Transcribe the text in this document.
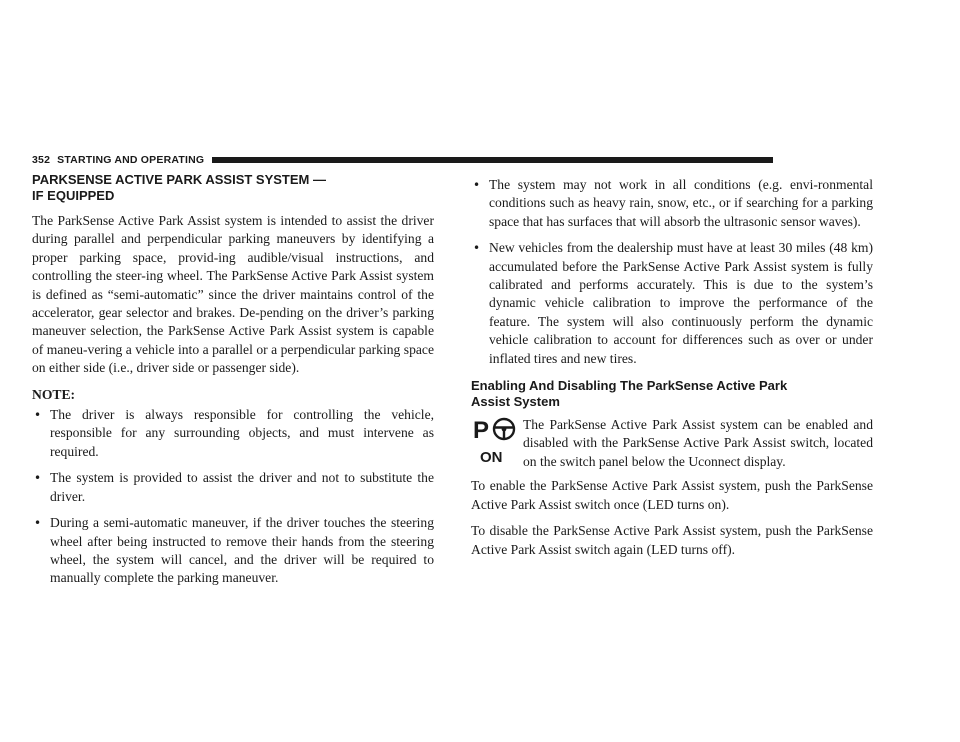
352 STARTING AND OPERATING
PARKSENSE ACTIVE PARK ASSIST SYSTEM —
IF EQUIPPED

The ParkSense Active Park Assist system is intended to assist the driver during parallel and perpendicular parking maneuvers by identifying a proper parking space, provid-ing audible/visual instructions, and controlling the steer-ing wheel. The ParkSense Active Park Assist system is defined as “semi-automatic” since the driver maintains control of the accelerator, gear selector and brakes. De-pending on the driver’s parking maneuver selection, the ParkSense Active Park Assist system is capable of maneu-vering a vehicle into a parallel or a perpendicular parking space on either side (i.e., driver side or passenger side).

NOTE:

• The driver is always responsible for controlling the vehicle, responsible for any surrounding objects, and must intervene as required.
• The system is provided to assist the driver and not to substitute the driver.
• During a semi-automatic maneuver, if the driver touches the steering wheel after being instructed to remove their hands from the steering wheel, the system will cancel, and the driver will be required to manually complete the parking maneuver.
• The system may not work in all conditions (e.g. envi-ronmental conditions such as heavy rain, snow, etc., or if searching for a parking space that has surfaces that will absorb the ultrasonic sensor waves).
• New vehicles from the dealership must have at least 30 miles (48 km) accumulated before the ParkSense Active Park Assist system is fully calibrated and performs accurately. This is due to the system’s dynamic vehicle calibration to improve the performance of the feature. The system will also continuously perform the dynamic vehicle calibration to account for differences such as over or under inflated tires and new tires.
Enabling And Disabling The ParkSense Active Park
Assist System
P
ON

The ParkSense Active Park Assist system can be enabled and disabled with the ParkSense Active Park Assist switch, located on the switch panel below the Uconnect display.

To enable the ParkSense Active Park Assist system, push the ParkSense Active Park Assist switch once (LED turns on).

To disable the ParkSense Active Park Assist system, push the ParkSense Active Park Assist switch again (LED turns off).
